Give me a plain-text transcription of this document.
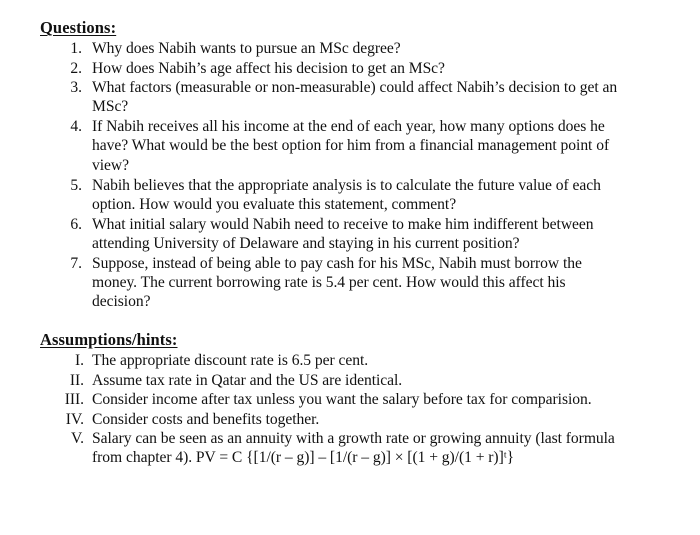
Questions:
1. Why does Nabih wants to pursue an MSc degree?
2. How does Nabih’s age affect his decision to get an MSc?
3. What factors (measurable or non-measurable) could affect Nabih’s decision to get an
MSc?
4. If Nabih receives all his income at the end of each year, how many options does he
have? What would be the best option for him from a financial management point of
view?
5. Nabih believes that the appropriate analysis is to calculate the future value of each
option. How would you evaluate this statement, comment?
6. What initial salary would Nabih need to receive to make him indifferent between
attending University of Delaware and staying in his current position?
7. Suppose, instead of being able to pay cash for his MSc, Nabih must borrow the
money. The current borrowing rate is 5.4 per cent. How would this affect his
decision?
Assumptions/hints:
I. The appropriate discount rate is 6.5 per cent.
II. Assume tax rate in Qatar and the US are identical.
III. Consider income after tax unless you want the salary before tax for comparision.
IV. Consider costs and benefits together.
V. Salary can be seen as an annuity with a growth rate or growing annuity (last formula
from chapter 4). PV = C {[1/(r – g)] – [1/(r – g)] × [(1 + g)/(1 + r)]ᵗ}
